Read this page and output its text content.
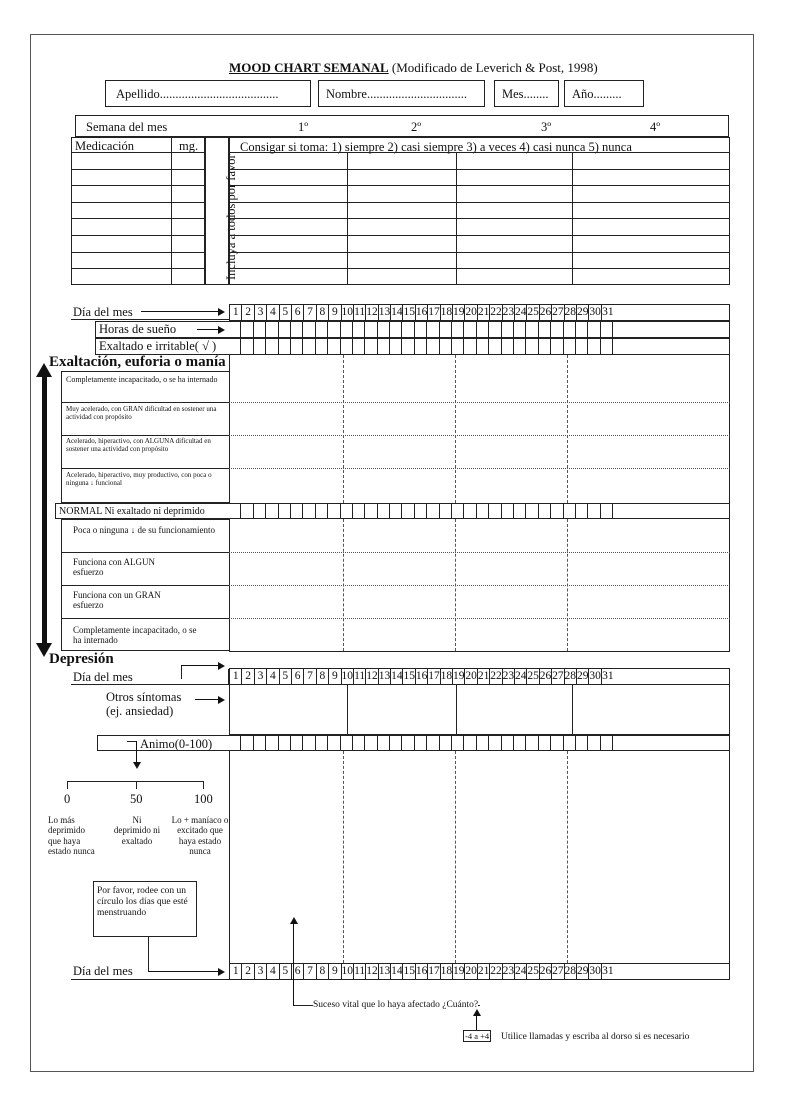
MOOD CHART SEMANAL (Modificado de Leverich & Post, 1998)
Apellido......................................	Nombre................................	Mes........ Año.........
Semana del mes	1º	2º	3º	4º
Medicación	mg.
Incluya a todos por favor
Consigar si toma: 1) siempre 2) casi siempre 3) a veces 4) casi nunca 5) nunca
Día del mes	1 2 3 4 5 6 7 8 9 10 11 12 13 14 15 16 17 18 19 20 21 22 23 24 25 26 27 28 29 30 31
Horas de sueño
Exaltado e irritable( √ )
Exaltación, euforia o manía
Completamente incapacitado, o se ha internado
Muy acelerado, con GRAN dificultad en sostener una actividad con propósito
Acelerado, hiperactivo, con ALGUNA dificultad en sostener una actividad con propósito
Acelerado, hiperactivo, muy productivo, con poca o ninguna ↓ funcional
NORMAL Ni exaltado ni deprimido
Poca o ninguna ↓ de su funcionamiento
Funciona con ALGUN esfuerzo
Funciona con un GRAN esfuerzo
Completamente incapacitado, o se ha internado
Depresión
Día del mes	1 2 3 4 5 6 7 8 9 10 11 12 13 14 15 16 17 18 19 20 21 22 23 24 25 26 27 28 29 30 31
Otros síntomas
(ej. ansiedad)
Animo(0-100)
0	50	100
Lo más deprimido que haya estado nunca
Ni deprimido ni exaltado
Lo + maníaco o excitado que haya estado nunca
Por favor, rodee con un círculo los días que esté menstruando
Día del mes	1 2 3 4 5 6 7 8 9 10 11 12 13 14 15 16 17 18 19 20 21 22 23 24 25 26 27 28 29 30 31
Suceso vital que lo haya afectado ¿Cuánto?
-4 a +4 Utilice llamadas y escriba al dorso si es necesario
